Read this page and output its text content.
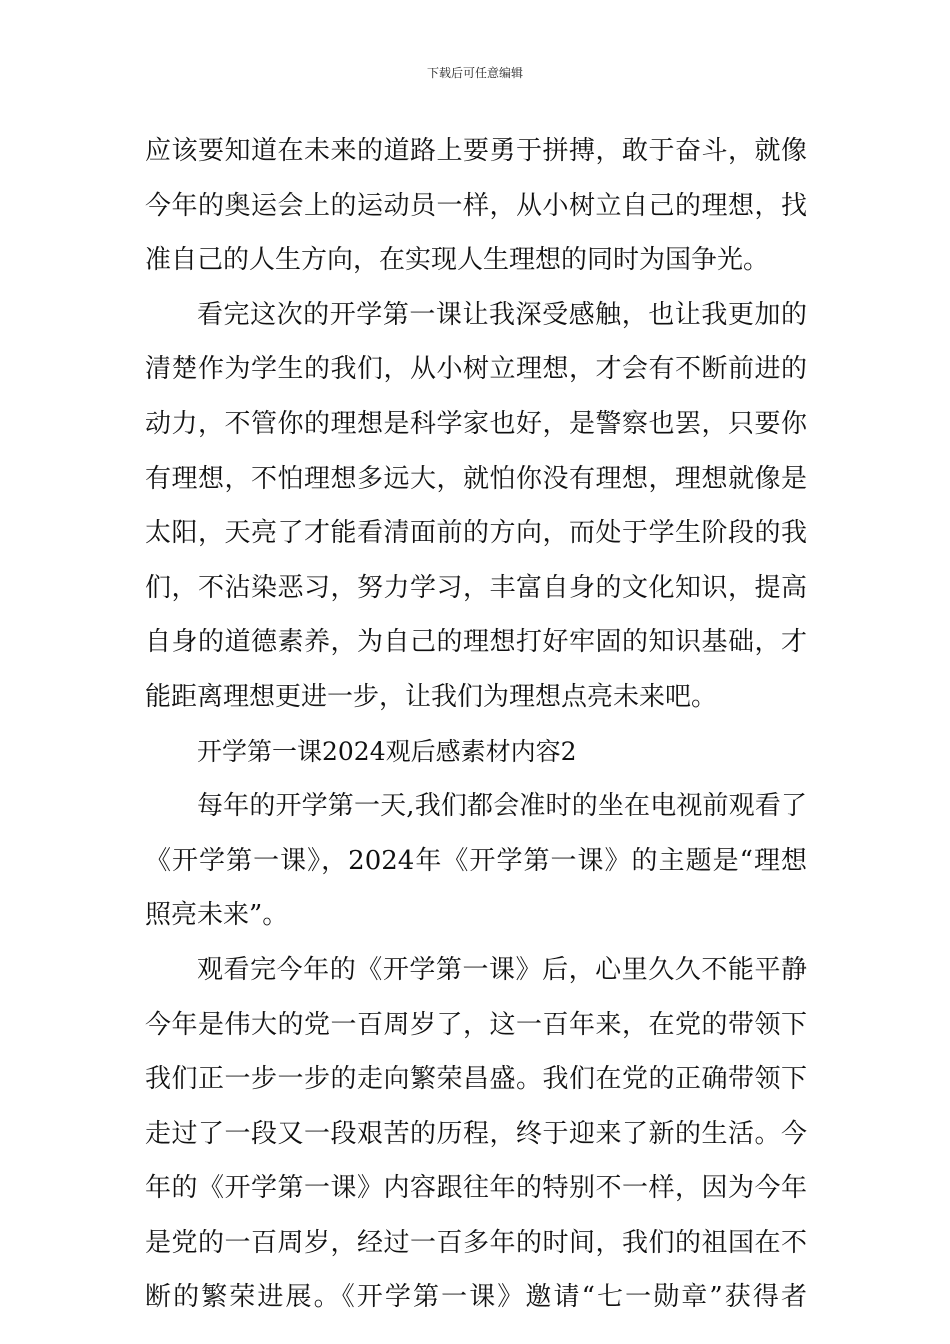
下载后可任意编辑
应该要知道在未来的道路上要勇于拼搏，敢于奋斗，就像
今年的奥运会上的运动员一样，从小树立自己的理想，找
准自己的人生方向，在实现人生理想的同时为国争光。
看完这次的开学第一课让我深受感触，也让我更加的
清楚作为学生的我们，从小树立理想，才会有不断前进的
动力，不管你的理想是科学家也好，是警察也罢，只要你
有理想，不怕理想多远大，就怕你没有理想，理想就像是
太阳，天亮了才能看清面前的方向，而处于学生阶段的我
们，不沾染恶习，努力学习，丰富自身的文化知识，提高
自身的道德素养，为自己的理想打好牢固的知识基础，才
能距离理想更进一步，让我们为理想点亮未来吧。
开学第一课2024观后感素材内容2
每年的开学第一天,我们都会准时的坐在电视前观看了
《开学第一课》，2024年《开学第一课》的主题是“理想
照亮未来”。
观看完今年的《开学第一课》后，心里久久不能平静
今年是伟大的党一百周岁了，这一百年来，在党的带领下
我们正一步一步的走向繁荣昌盛。我们在党的正确带领下
走过了一段又一段艰苦的历程，终于迎来了新的生活。今
年的《开学第一课》内容跟往年的特别不一样，因为今年
是党的一百周岁，经过一百多年的时间，我们的祖国在不
断的繁荣进展。《开学第一课》邀请“七一勋章”获得者
